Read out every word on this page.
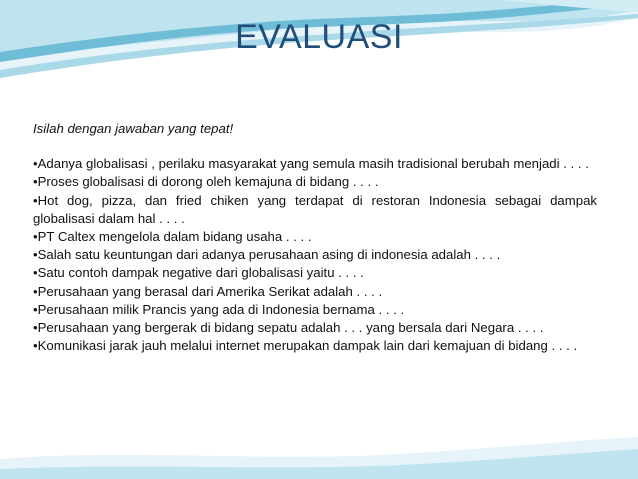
EVALUASI

Isilah dengan jawaban yang tepat!

•Adanya globalisasi , perilaku masyarakat yang semula masih tradisional berubah menjadi . . . .

•Proses globalisasi di dorong oleh kemajuna di bidang . . . .

•Hot dog, pizza, dan fried chiken yang terdapat di restoran Indonesia sebagai dampak globalisasi dalam hal . . . .

•PT Caltex mengelola dalam bidang usaha . . . .

•Salah satu keuntungan dari adanya perusahaan asing di indonesia adalah . . . .

•Satu contoh dampak negative dari globalisasi yaitu . . . .

•Perusahaan yang berasal dari Amerika Serikat adalah . . . .

•Perusahaan milik Prancis yang ada di Indonesia bernama . . . .

•Perusahaan yang bergerak di bidang sepatu adalah . . . yang bersala dari Negara . . . .

•Komunikasi jarak jauh melalui internet merupakan dampak lain dari kemajuan di bidang . . . .
